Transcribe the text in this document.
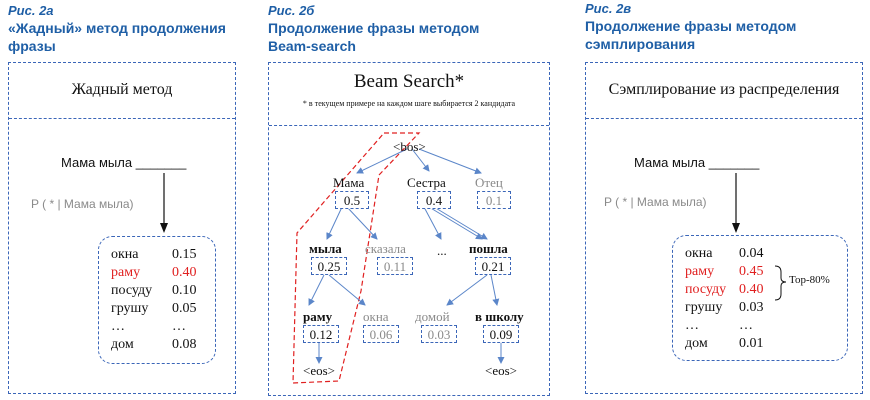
Рис. 2а
«Жадный» метод продолжения фразы
Жадный метод
Мама мыла _______
P ( * | Мама мыла)
окна 0.15
раму 0.40
посуду 0.10
грушу 0.05
…	…
дом	0.08
Рис. 2б
Продолжение фразы методом Beam-search
Beam Search*
* в текущем примере на каждом шаге выбирается 2 кандидата
<bos>
Мама
0.5
Сестра
0.4
Отец
0.1
мыла
0.25
сказала
0.11
... пошла
0.21
раму
0.12
окна
0.06
домой
0.03
в школу
0.09
<eos>	<eos>
Рис. 2в
Продолжение фразы методом сэмплирования
Сэмплирование из распределения
Мама мыла _______
P ( * | Мама мыла)
окна 0.04
раму 0.45
посуду 0.40
грушу 0.03
…	…
дом 0.01
Top-80%
